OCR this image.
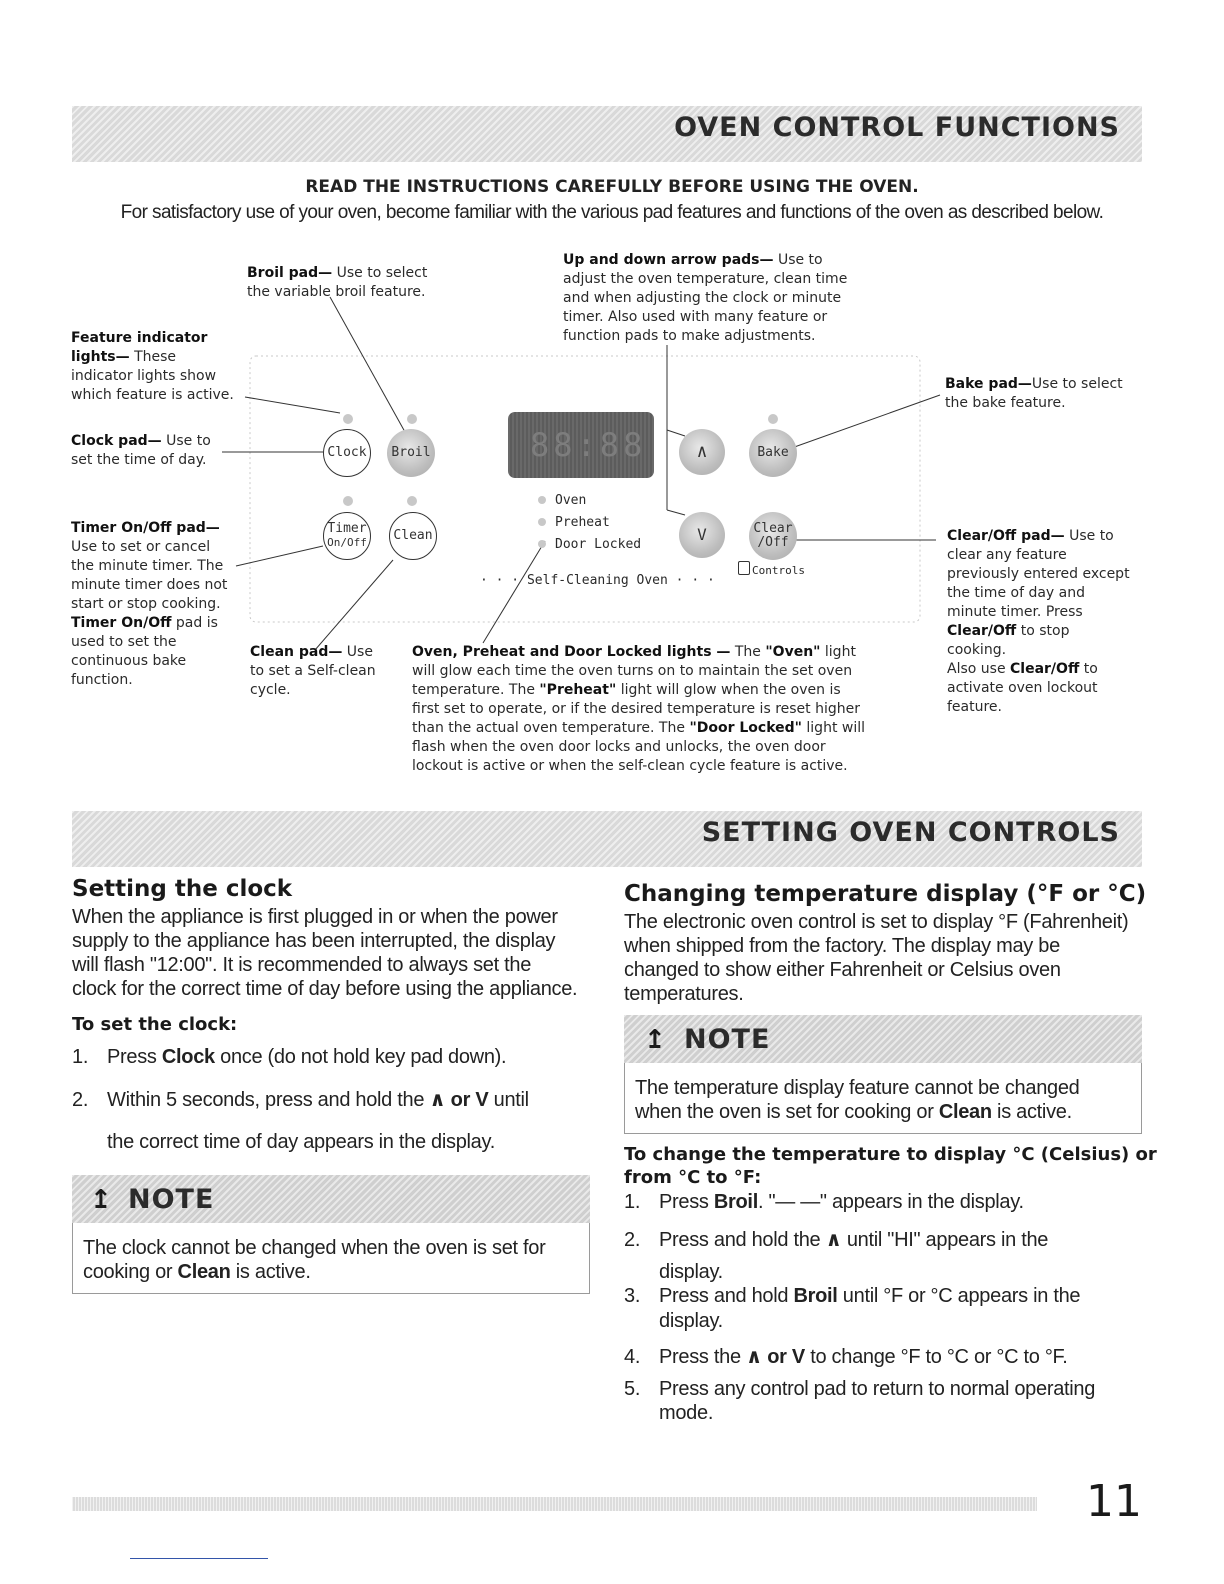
OVEN CONTROL FUNCTIONS
READ THE INSTRUCTIONS CAREFULLY BEFORE USING THE OVEN.
For satisfactory use of your oven, become familiar with the various pad features and functions of the oven as described below.
Broil pad— Use to select
the variable broil feature.
Up and down arrow pads— Use to
adjust the oven temperature, clean time
and when adjusting the clock or minute
timer. Also used with many feature or
function pads to make adjustments.
Feature indicator
lights— These
indicator lights show
which feature is active.
Bake pad—Use to select
the bake feature.
Clock pad— Use to
set the time of day.
Timer On/Off pad—
Use to set or cancel
the minute timer. The
minute timer does not
start or stop cooking.
Timer On/Off pad is
used to set the
continuous bake
function.
Clear/Off pad— Use to
clear any feature
previously entered except
the time of day and
minute timer. Press
Clear/Off to stop
cooking.
Also use Clear/Off to
activate oven lockout
feature.
Clean pad— Use
to set a Self-clean
cycle.
Oven, Preheat and Door Locked lights — The "Oven" light
will glow each time the oven turns on to maintain the set oven
temperature. The "Preheat" light will glow when the oven is
first set to operate, or if the desired temperature is reset higher
than the actual oven temperature. The "Door Locked" light will
flash when the oven door locks and unlocks, the oven door
lockout is active or when the self-clean cycle feature is active.
Clock	Broil
Timer
On/Off	Clean
88:88	∧
V
Bake
Clear
/Off
Oven
Preheat
Door Locked
· · · Self-Cleaning Oven · · ·
Controls
SETTING OVEN CONTROLS
Setting the clock
When the appliance is first plugged in or when the power
supply to the appliance has been interrupted, the display
will flash "12:00". It is recommended to always set the
clock for the correct time of day before using the appliance.
To set the clock:
1. Press Clock once (do not hold key pad down).
2. Within 5 seconds, press and hold the ∧ or V until
the correct time of day appears in the display.
↥ NOTE
The clock cannot be changed when the oven is set for
cooking or Clean is active.
Changing temperature display (°F or °C)
The electronic oven control is set to display °F (Fahrenheit)
when shipped from the factory. The display may be
changed to show either Fahrenheit or Celsius oven
temperatures.
↥ NOTE
The temperature display feature cannot be changed
when the oven is set for cooking or Clean is active.
To change the temperature to display °C (Celsius) or
from °C to °F:
1. Press Broil. "— —" appears in the display.
2. Press and hold the ∧ until "HI" appears in the
display.
3. Press and hold Broil until °F or °C appears in the
display.
4. Press the ∧ or V to change °F to °C or °C to °F.
5. Press any control pad to return to normal operating
mode.
11
